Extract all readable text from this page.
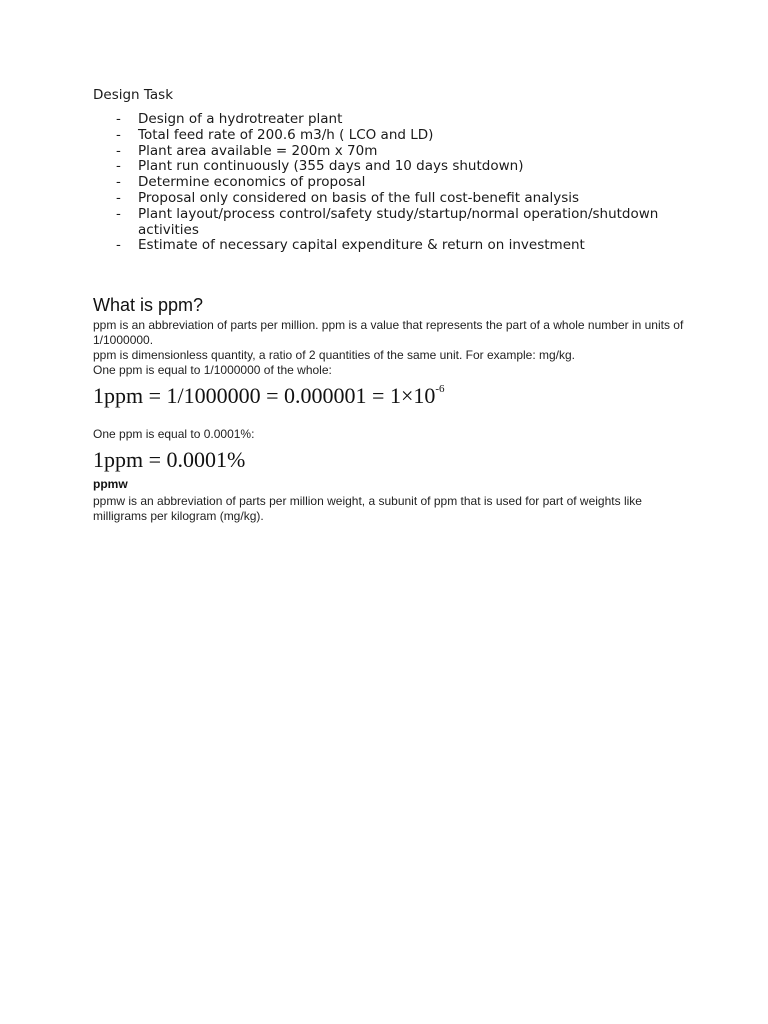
Design Task
-	Design of a hydrotreater plant
-	Total feed rate of 200.6 m3/h ( LCO and LD)
-	Plant area available = 200m x 70m
-	Plant run continuously (355 days and 10 days shutdown)
-	Determine economics of proposal
-	Proposal only considered on basis of the full cost-benefit analysis
-	Plant layout/process control/safety study/startup/normal operation/shutdown activities
-	Estimate of necessary capital expenditure & return on investment
What is ppm?

ppm is an abbreviation of parts per million. ppm is a value that represents the part of a whole number in units of 1/1000000.

ppm is dimensionless quantity, a ratio of 2 quantities of the same unit. For example: mg/kg.

One ppm is equal to 1/1000000 of the whole:

$1ppm = 1/1000000 = 0.000001 = 1\times 10^{-6}$

One ppm is equal to 0.0001%:

1ppm = 0.0001%
ppmw

ppmw is an abbreviation of parts per million weight, a subunit of ppm that is used for part of weights like milligrams per kilogram (mg/kg).
